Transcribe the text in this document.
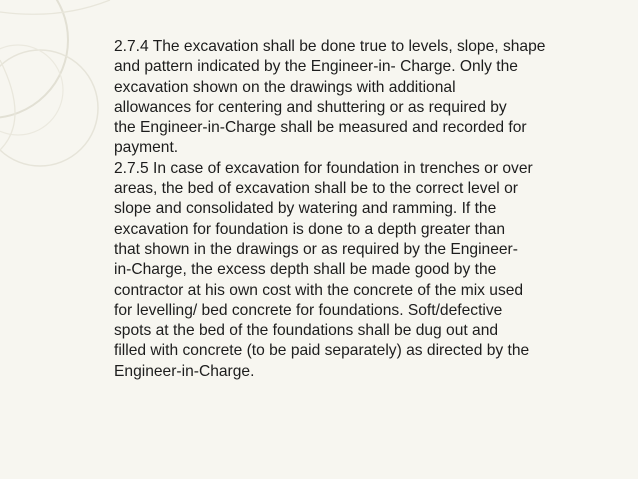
2.7.4 The excavation shall be done true to levels, slope, shape
and pattern indicated by the Engineer-in- Charge. Only the
excavation shown on the drawings with additional
allowances for centering and shuttering or as required by
the Engineer-in-Charge shall be measured and recorded for
payment.

2.7.5 In case of excavation for foundation in trenches or over
areas, the bed of excavation shall be to the correct level or
slope and consolidated by watering and ramming. If the
excavation for foundation is done to a depth greater than
that shown in the drawings or as required by the Engineer-
in-Charge, the excess depth shall be made good by the
contractor at his own cost with the concrete of the mix used
for levelling/ bed concrete for foundations. Soft/defective
spots at the bed of the foundations shall be dug out and
filled with concrete (to be paid separately) as directed by the
Engineer-in-Charge.
